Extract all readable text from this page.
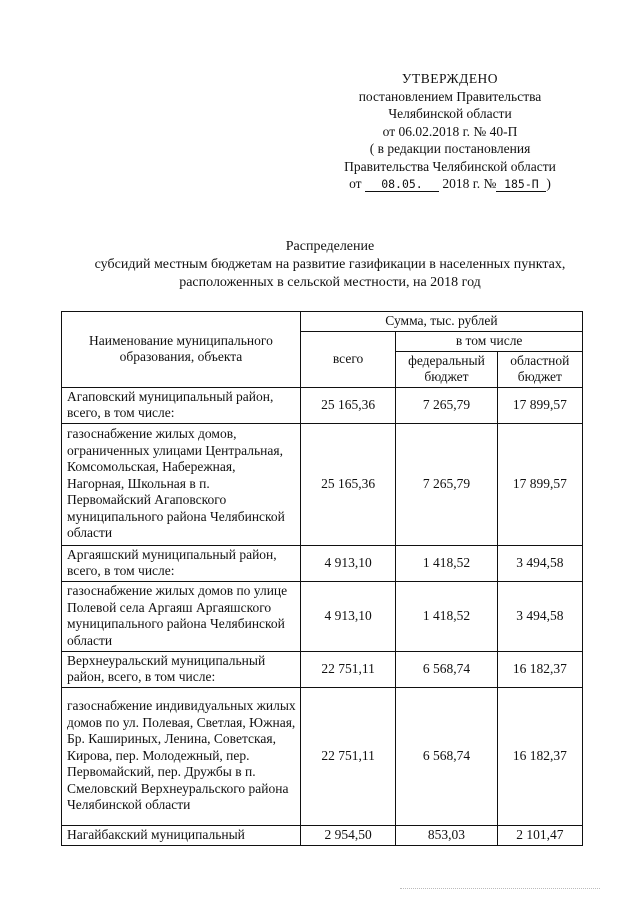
УТВЕРЖДЕНО
постановлением Правительства
Челябинской области
от 06.02.2018 г. № 40-П
( в редакции постановления
Правительства Челябинской области
от 08.05. 2018 г. № 185-П )
Распределение
субсидий местным бюджетам на развитие газификации в населенных пунктах,
расположенных в сельской местности, на 2018 год
Наименование муниципального образования, объекта	Сумма, тыс. рублей		
	всего	в том числе	
		федеральный бюджет	областной бюджет
Агаповский муниципальный район, всего, в том числе:	25 165,36	7 265,79	17 899,57
газоснабжение жилых домов, ограниченных улицами Центральная, Комсомольская, Набережная, Нагорная, Школьная в п. Первомайский Агаповского муниципального района Челябинской области	25 165,36	7 265,79	17 899,57
Аргаяшский муниципальный район, всего, в том числе:	4 913,10	1 418,52	3 494,58
газоснабжение жилых домов по улице Полевой села Аргаяш Аргаяшского муниципального района Челябинской области	4 913,10	1 418,52	3 494,58
Верхнеуральский муниципальный район, всего, в том числе:	22 751,11	6 568,74	16 182,37
газоснабжение индивидуальных жилых домов по ул. Полевая, Светлая, Южная, Бр. Кашириных, Ленина, Советская, Кирова, пер. Молодежный, пер. Первомайский, пер. Дружбы в п. Смеловский Верхнеуральского района Челябинской области	22 751,11	6 568,74	16 182,37
Нагайбакский муниципальный	2 954,50	853,03	2 101,47
